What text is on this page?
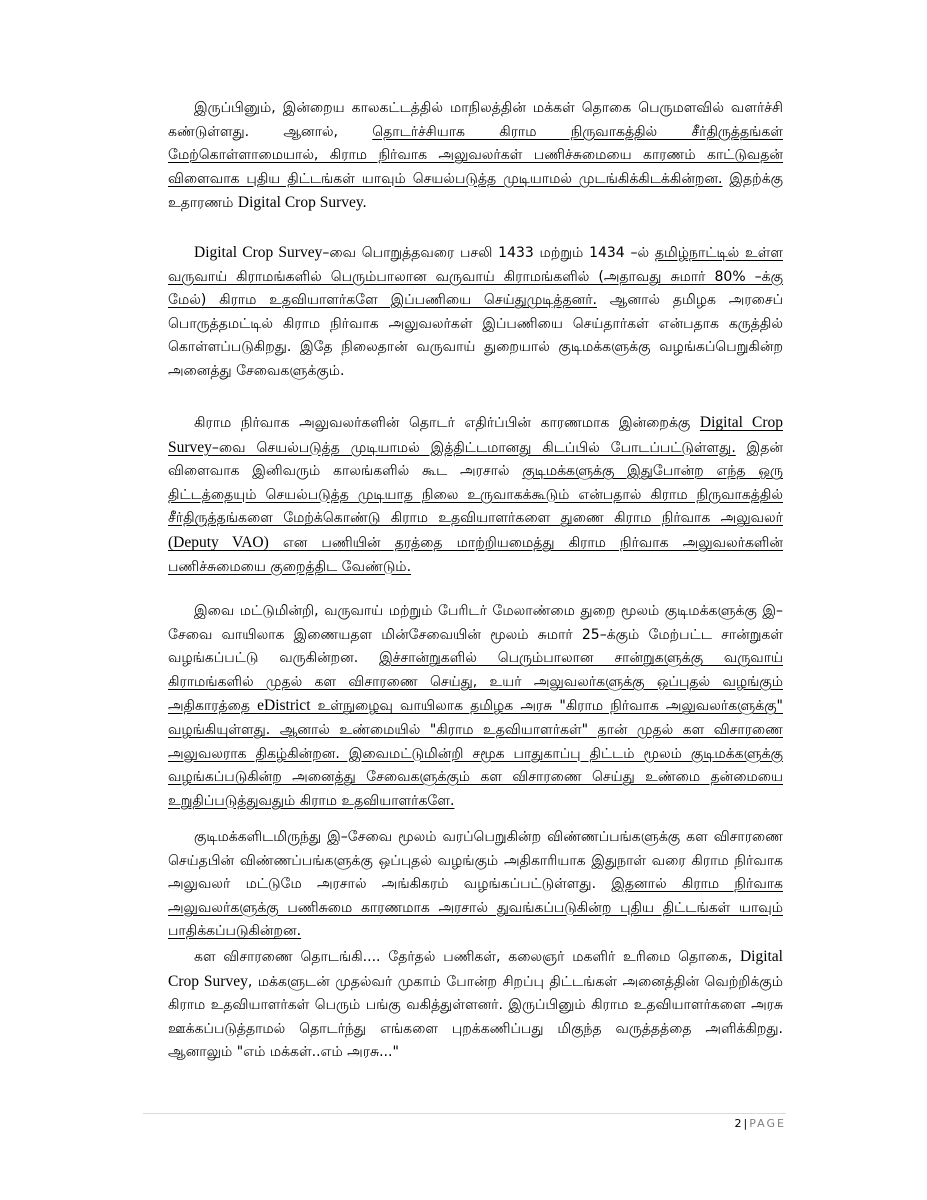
இருப்பினும், இன்றைய காலகட்டத்தில் மாநிலத்தின் மக்கள் தொகை பெருமளவில் வளர்ச்சி கண்டுள்ளது. ஆனால், தொடர்ச்சியாக கிராம நிருவாகத்தில் சீர்திருத்தங்கள் மேற்கொள்ளாமையால், கிராம நிர்வாக அலுவலர்கள் பணிச்சுமையை காரணம் காட்டுவதன் விளைவாக புதிய திட்டங்கள் யாவும் செயல்படுத்த முடியாமல் முடங்கிக்கிடக்கின்றன. இதற்க்கு உதாரணம் Digital Crop Survey.
Digital Crop Survey–வை பொறுத்தவரை பசலி 1433 மற்றும் 1434 –ல் தமிழ்நாட்டில் உள்ள வருவாய் கிராமங்களில் பெரும்பாலான வருவாய் கிராமங்களில் (அதாவது சுமார் 80% –க்கு மேல்) கிராம உதவியாளர்களே இப்பணியை செய்துமுடித்தனர். ஆனால் தமிழக அரசைப் பொருத்தமட்டில் கிராம நிர்வாக அலுவலர்கள் இப்பணியை செய்தார்கள் என்பதாக கருத்தில் கொள்ளப்படுகிறது. இதே நிலைதான் வருவாய் துறையால் குடிமக்களுக்கு வழங்கப்பெறுகின்ற அனைத்து சேவைகளுக்கும்.
கிராம நிர்வாக அலுவலர்களின் தொடர் எதிர்ப்பின் காரணமாக இன்றைக்கு Digital Crop Survey–வை செயல்படுத்த முடியாமல் இத்திட்டமானது கிடப்பில் போடப்பட்டுள்ளது. இதன் விளைவாக இனிவரும் காலங்களில் கூட அரசால் குடிமக்களுக்கு இதுபோன்ற எந்த ஒரு திட்டத்தையும் செயல்படுத்த முடியாத நிலை உருவாகக்கூடும் என்பதால் கிராம நிருவாகத்தில் சீர்திருத்தங்களை மேற்க்கொண்டு கிராம உதவியாளர்களை துணை கிராம நிர்வாக அலுவலர் (Deputy VAO) என பணியின் தரத்தை மாற்றியமைத்து கிராம நிர்வாக அலுவலர்களின் பணிச்சுமையை குறைத்திட வேண்டும்.
இவை மட்டுமின்றி, வருவாய் மற்றும் பேரிடர் மேலாண்மை துறை மூலம் குடிமக்களுக்கு இ–சேவை வாயிலாக இணையதள மின்சேவையின் மூலம் சுமார் 25–க்கும் மேற்பட்ட சான்றுகள் வழங்கப்பட்டு வருகின்றன. இச்சான்றுகளில் பெரும்பாலான சான்றுகளுக்கு வருவாய் கிராமங்களில் முதல் கள விசாரணை செய்து, உயர் அலுவலர்களுக்கு ஒப்புதல் வழங்கும் அதிகாரத்தை eDistrict உள்நுழைவு வாயிலாக தமிழக அரசு "கிராம நிர்வாக அலுவலர்களுக்கு" வழங்கியுள்ளது. ஆனால் உண்மையில் "கிராம உதவியாளர்கள்" தான் முதல் கள விசாரணை அலுவலராக திகழ்கின்றன. இவைமட்டுமின்றி சமூக பாதுகாப்பு திட்டம் மூலம் குடிமக்களுக்கு வழங்கப்படுகின்ற அனைத்து சேவைகளுக்கும் கள விசாரணை செய்து உண்மை தன்மையை உறுதிப்படுத்துவதும் கிராம உதவியாளர்களே.
குடிமக்களிடமிருந்து இ–சேவை மூலம் வரப்பெறுகின்ற விண்ணப்பங்களுக்கு கள விசாரணை செய்தபின் விண்ணப்பங்களுக்கு ஒப்புதல் வழங்கும் அதிகாரியாக இதுநாள் வரை கிராம நிர்வாக அலுவலர் மட்டுமே அரசால் அங்கிகரம் வழங்கப்பட்டுள்ளது. இதனால் கிராம நிர்வாக அலுவலர்களுக்கு பணிசுமை காரணமாக அரசால் துவங்கப்படுகின்ற புதிய திட்டங்கள் யாவும் பாதிக்கப்படுகின்றன.
கள விசாரணை தொடங்கி.... தேர்தல் பணிகள், கலைஞர் மகளிர் உரிமை தொகை, Digital Crop Survey, மக்களுடன் முதல்வர் முகாம் போன்ற சிறப்பு திட்டங்கள் அனைத்தின் வெற்றிக்கும் கிராம உதவியாளர்கள் பெரும் பங்கு வகித்துள்ளனர். இருப்பினும் கிராம உதவியாளர்களை அரசு ஊக்கப்படுத்தாமல் தொடர்ந்து எங்களை புறக்கணிப்பது மிகுந்த வருத்தத்தை அளிக்கிறது. ஆனாலும் "எம் மக்கள்..எம் அரசு..."
2|PAGE
